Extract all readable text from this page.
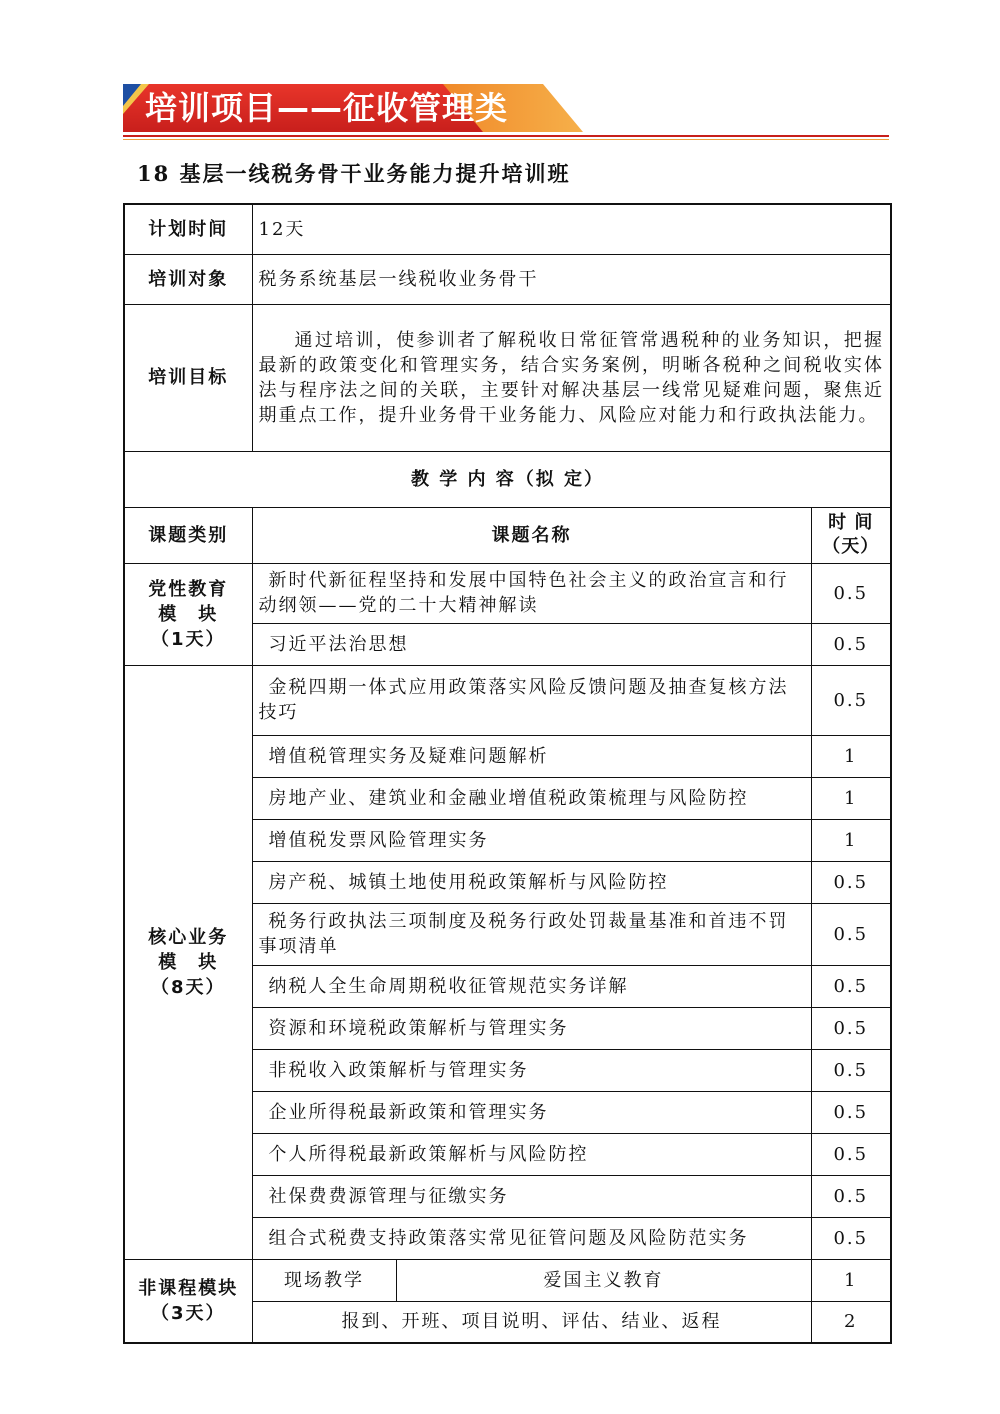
培训项目——征收管理类
18 基层一线税务骨干业务能力提升培训班
计划时间	12天		
培训对象	税务系统基层一线税收业务骨干		
培训目标	通过培训，使参训者了解税收日常征管常遇税种的业务知识，把握最新的政策变化和管理实务，结合实务案例，明晰各税种之间税收实体法与程序法之间的关联，主要针对解决基层一线常见疑难问题，聚焦近期重点工作，提升业务骨干业务能力、风险应对能力和行政执法能力。		
教 学 内 容（拟 定）			
课题类别	课题名称		时 间
（天）

党性教育
模　块
（1天）	新时代新征程坚持和发展中国特色社会主义的政治宣言和行动纲领——党的二十大精神解读		0.5
	习近平法治思想		0.5

核心业务
模　块
（8天）	金税四期一体式应用政策落实风险反馈问题及抽查复核方法技巧		0.5
	增值税管理实务及疑难问题解析		1
	房地产业、建筑业和金融业增值税政策梳理与风险防控		1
	增值税发票风险管理实务		1
	房产税、城镇土地使用税政策解析与风险防控		0.5
	税务行政执法三项制度及税务行政处罚裁量基准和首违不罚事项清单		0.5
	纳税人全生命周期税收征管规范实务详解		0.5
	资源和环境税政策解析与管理实务		0.5
	非税收入政策解析与管理实务		0.5
	企业所得税最新政策和管理实务		0.5
	个人所得税最新政策解析与风险防控		0.5
	社保费费源管理与征缴实务		0.5
	组合式税费支持政策落实常见征管问题及风险防范实务		0.5

非课程模块
（3天）	现场教学	爱国主义教育	1
	报到、开班、项目说明、评估、结业、返程		2
